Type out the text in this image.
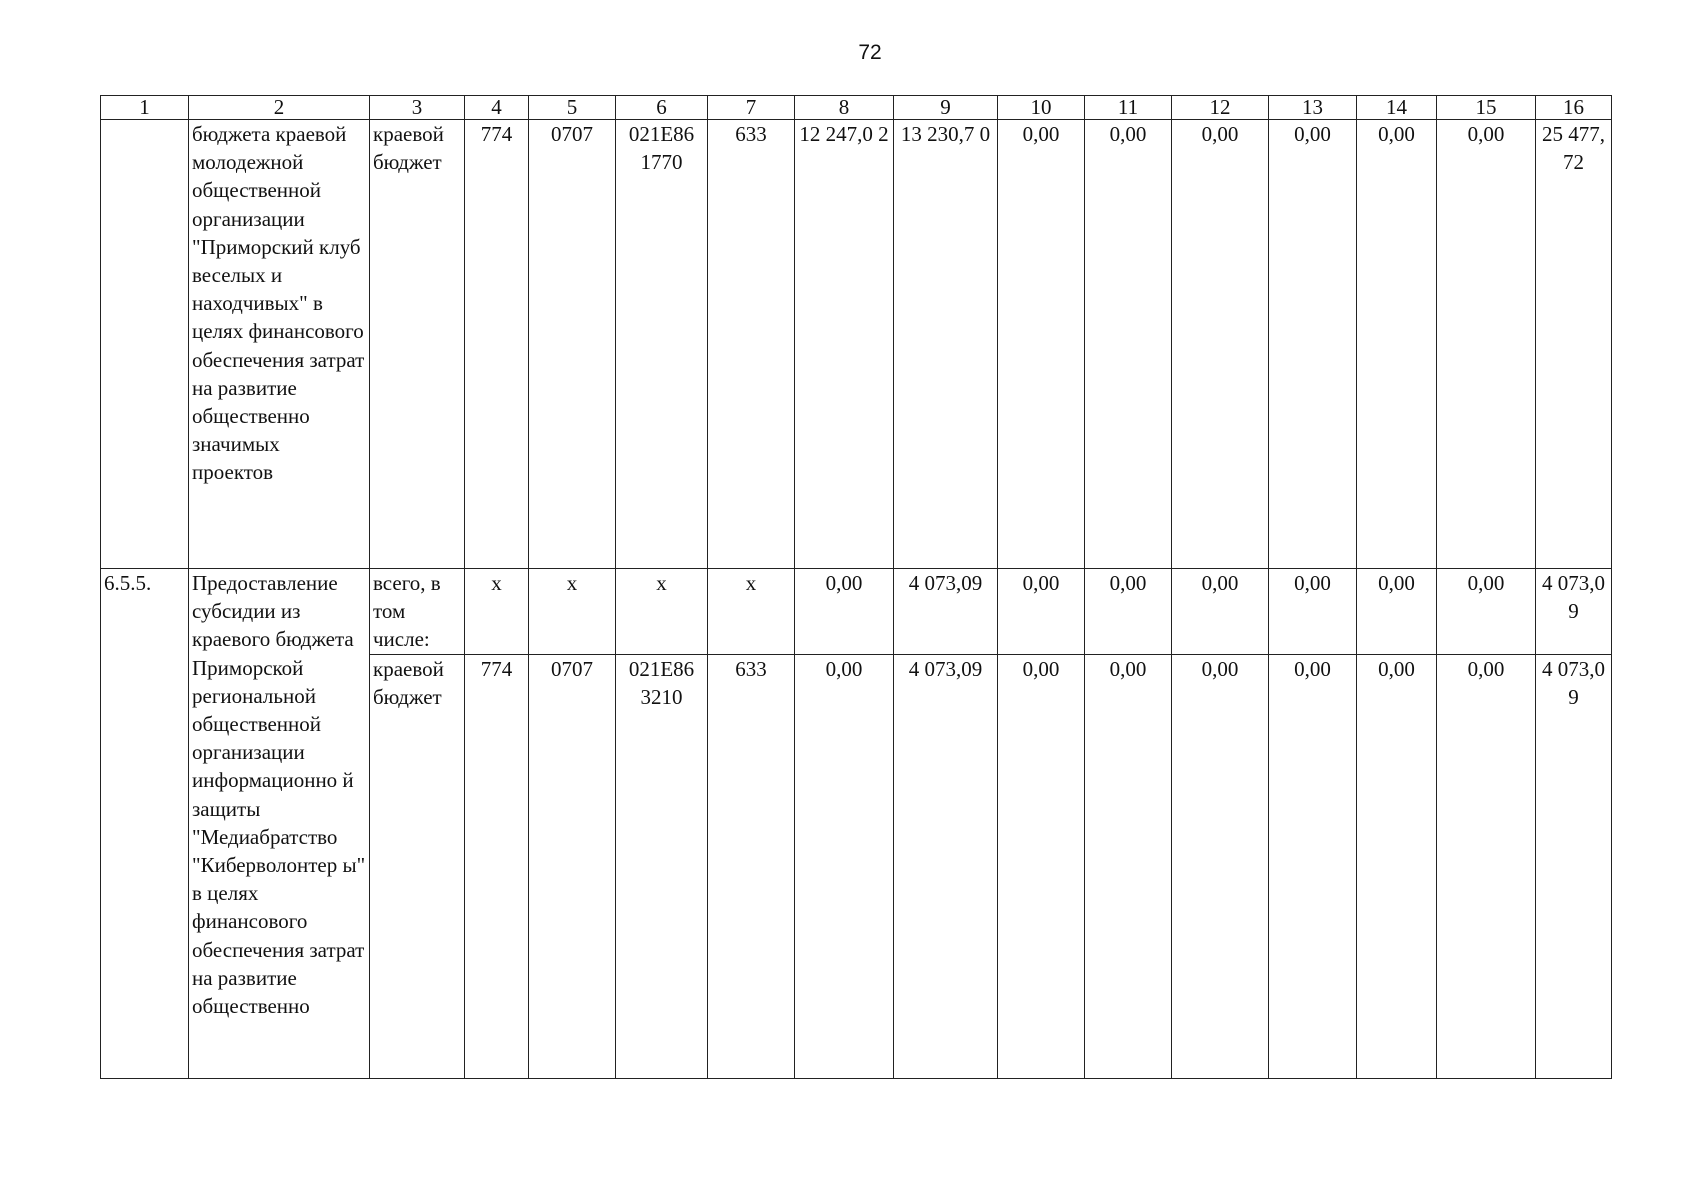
72
1	2	3	4	5	6	7	8	9	10	11	12	13	14	15	16
	бюджета краевой молодежной общественной организации "Приморский клуб веселых и находчивых" в целях финансового обеспечения затрат на развитие общественно значимых проектов	краевой бюджет	774	0707	021E86 1770	633	12 247,0 2	13 230,7 0	0,00	0,00	0,00	0,00	0,00	0,00	25 477, 72
6.5.5.	Предоставление субсидии из краевого бюджета Приморской региональной общественной организации информационно й защиты "Медиабратство "Киберволонтер ы" в целях финансового обеспечения затрат на развитие общественно	всего, в том числе:	x	x	x	x	0,00	4 073,09	0,00	0,00	0,00	0,00	0,00	0,00	4 073,0 9
		краевой бюджет	774	0707	021E86 3210	633	0,00	4 073,09	0,00	0,00	0,00	0,00	0,00	0,00	4 073,0 9
